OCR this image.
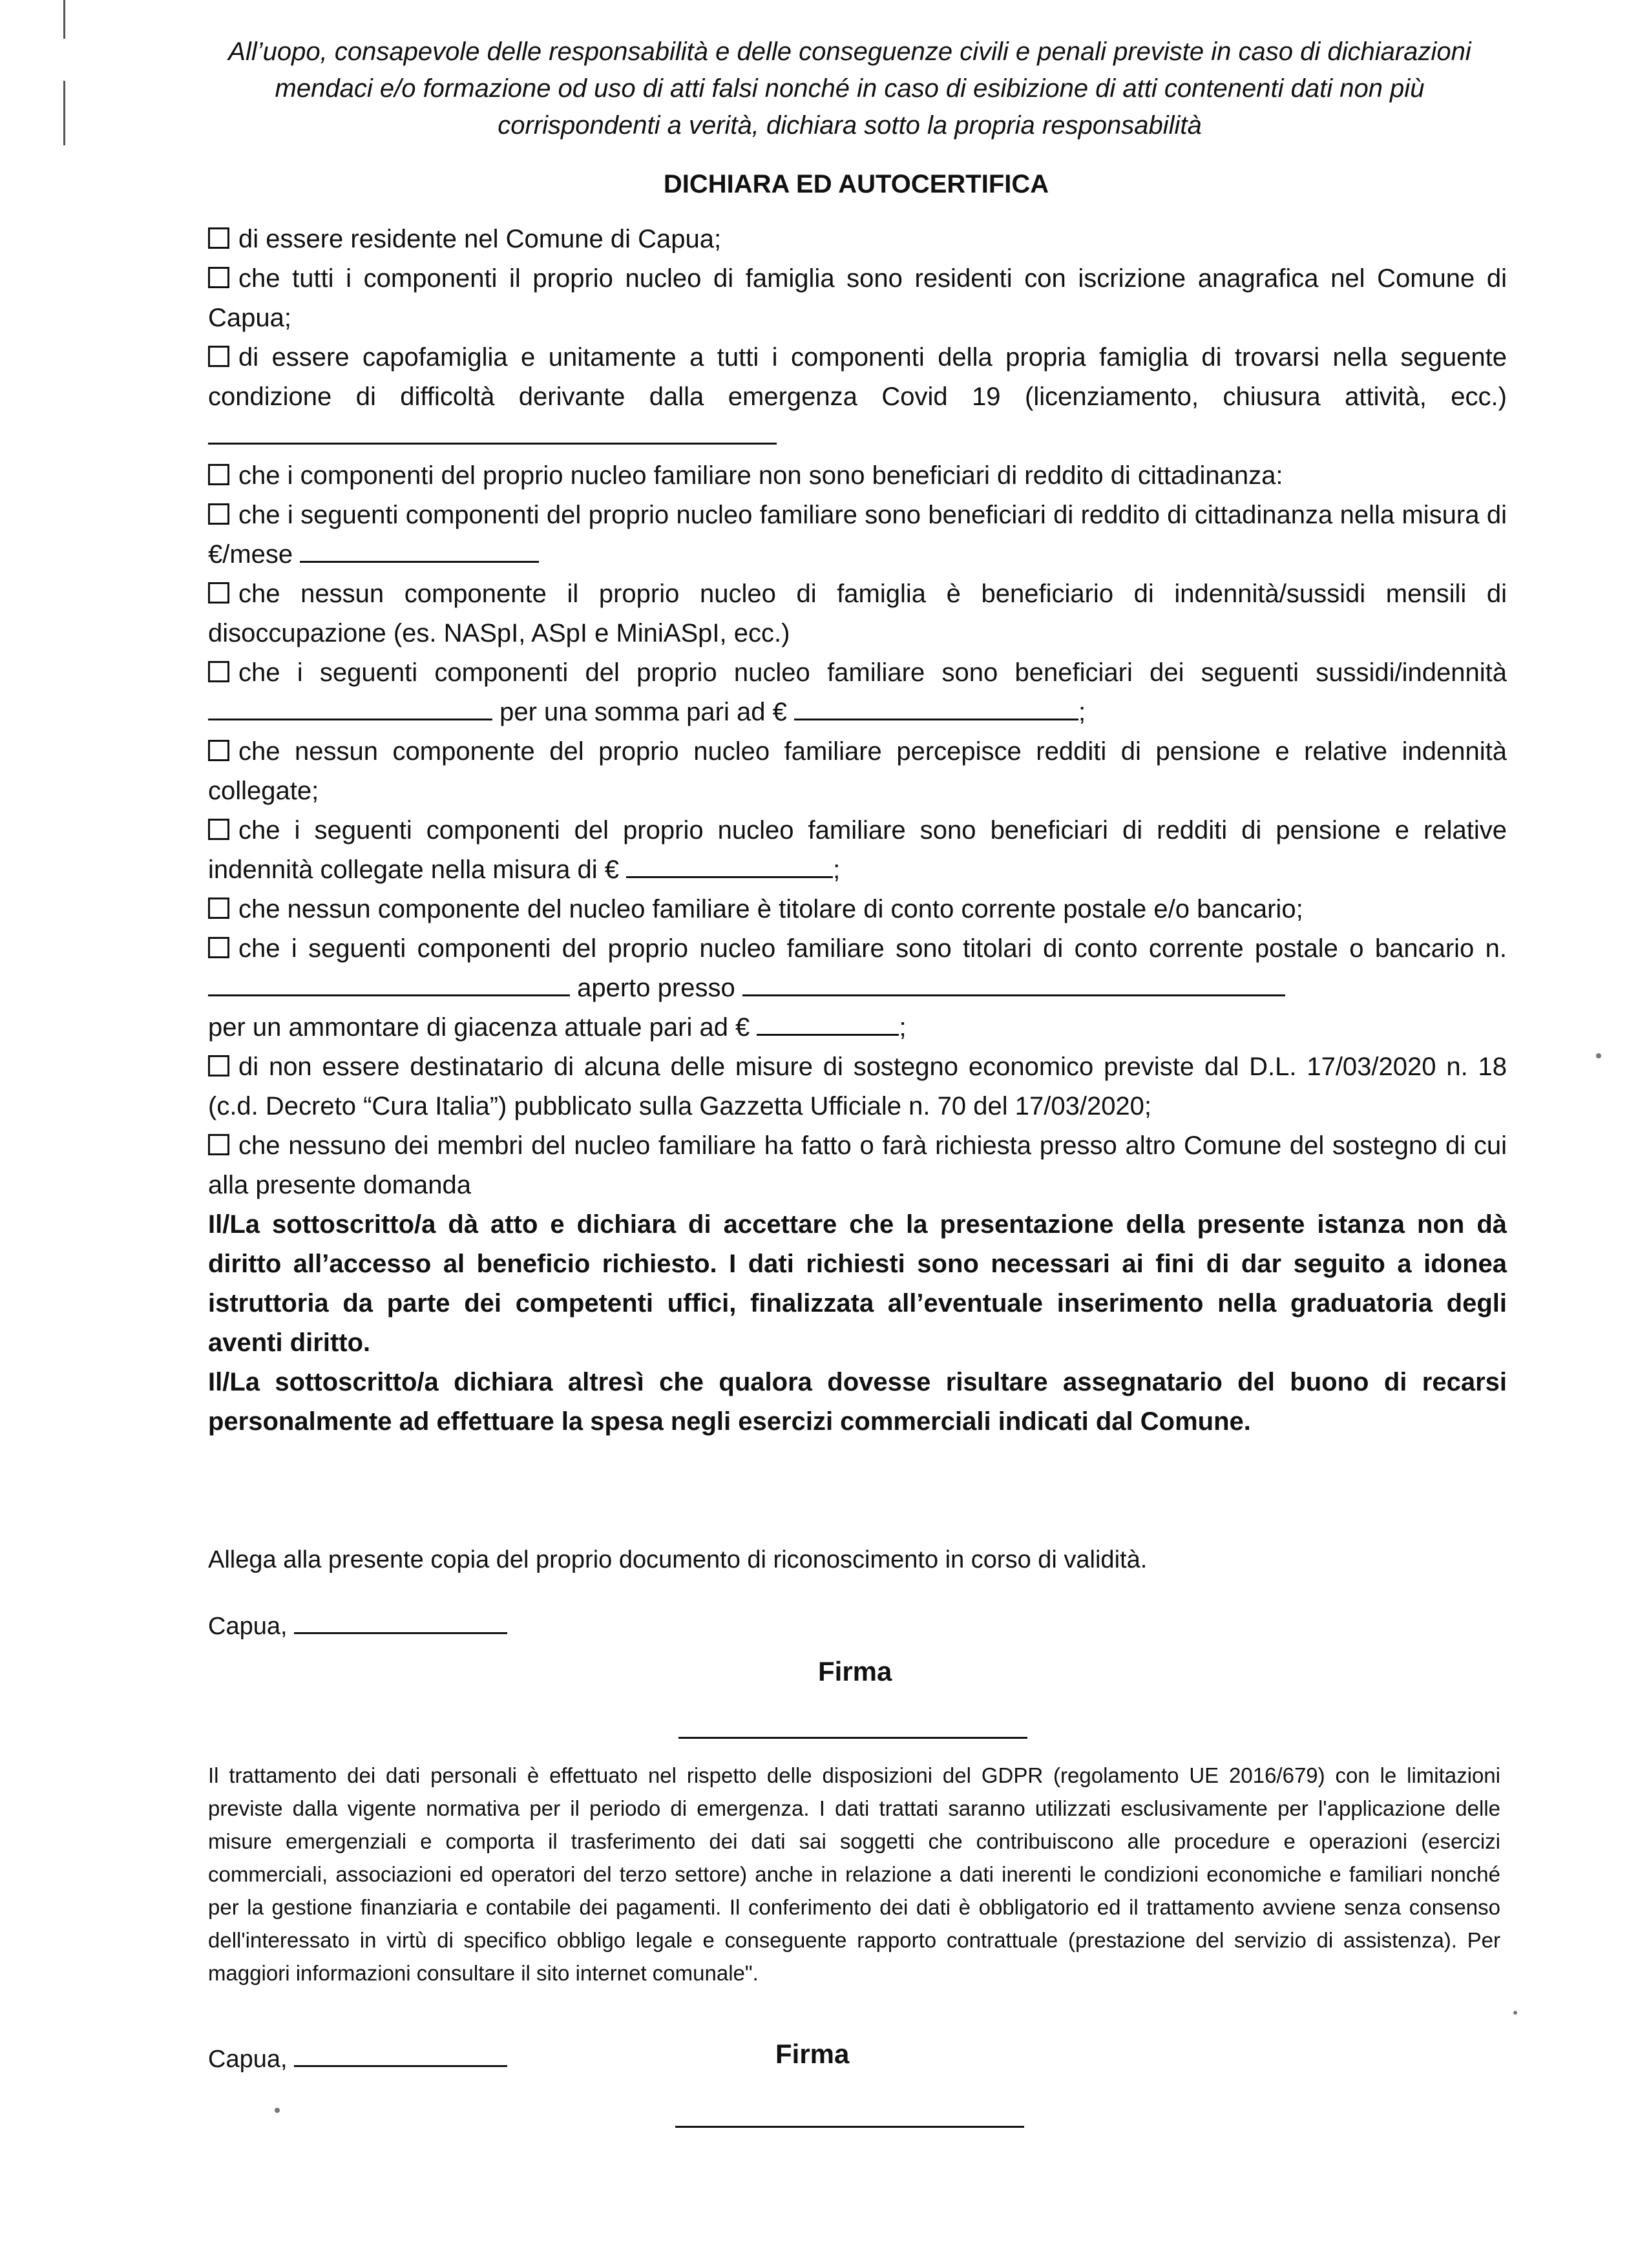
All’uopo, consapevole delle responsabilità e delle conseguenze civili e penali previste in caso di dichiarazioni mendaci e/o formazione od uso di atti falsi nonché in caso di esibizione di atti contenenti dati non più corrispondenti a verità, dichiara sotto la propria responsabilità
DICHIARA ED AUTOCERTIFICA
di essere residente nel Comune di Capua;
che tutti i componenti il proprio nucleo di famiglia sono residenti con iscrizione anagrafica nel Comune di Capua;
di essere capofamiglia e unitamente a tutti i componenti della propria famiglia di trovarsi nella seguente condizione di difficoltà derivante dalla emergenza Covid 19 (licenziamento, chiusura attività, ecc.)
che i componenti del proprio nucleo familiare non sono beneficiari di reddito di cittadinanza:
che i seguenti componenti del proprio nucleo familiare sono beneficiari di reddito di cittadinanza nella misura di €/mese
che nessun componente il proprio nucleo di famiglia è beneficiario di indennità/sussidi mensili di disoccupazione (es. NASpI, ASpI e MiniASpI, ecc.)
che i seguenti componenti del proprio nucleo familiare sono beneficiari dei seguenti sussidi/indennità  per una somma pari ad €	;
che nessun componente del proprio nucleo familiare percepisce redditi di pensione e relative indennità collegate;
che i seguenti componenti del proprio nucleo familiare sono beneficiari di redditi di pensione e relative indennità collegate nella misura di €	;
che nessun componente del nucleo familiare è titolare di conto corrente postale e/o bancario;
che i seguenti componenti del proprio nucleo familiare sono titolari di conto corrente postale o bancario n.  aperto presso
per un ammontare di giacenza attuale pari ad €	;
di non essere destinatario di alcuna delle misure di sostegno economico previste dal D.L. 17/03/2020 n. 18 (c.d. Decreto “Cura Italia”) pubblicato sulla Gazzetta Ufficiale n. 70 del 17/03/2020;
che nessuno dei membri del nucleo familiare ha fatto o farà richiesta presso altro Comune del sostegno di cui alla presente domanda
Il/La sottoscritto/a dà atto e dichiara di accettare che la presentazione della presente istanza non dà diritto all’accesso al beneficio richiesto. I dati richiesti sono necessari ai fini di dar seguito a idonea istruttoria da parte dei competenti uffici, finalizzata all’eventuale inserimento nella graduatoria degli aventi diritto.
Il/La sottoscritto/a dichiara altresì che qualora dovesse risultare assegnatario del buono di recarsi personalmente ad effettuare la spesa negli esercizi commerciali indicati dal Comune.
Allega alla presente copia del proprio documento di riconoscimento in corso di validità.
Capua,
Firma
Il trattamento dei dati personali è effettuato nel rispetto delle disposizioni del GDPR (regolamento UE 2016/679) con le limitazioni previste dalla vigente normativa per il periodo di emergenza. I dati trattati saranno utilizzati esclusivamente per l'applicazione delle misure emergenziali e comporta il trasferimento dei dati sai soggetti che contribuiscono alle procedure e operazioni (esercizi commerciali, associazioni ed operatori del terzo settore) anche in relazione a dati inerenti le condizioni economiche e familiari nonché per la gestione finanziaria e contabile dei pagamenti. Il conferimento dei dati è obbligatorio ed il trattamento avviene senza consenso dell'interessato in virtù di specifico obbligo legale e conseguente rapporto contrattuale (prestazione del servizio di assistenza). Per maggiori informazioni consultare il sito internet comunale".
Capua,	Firma
